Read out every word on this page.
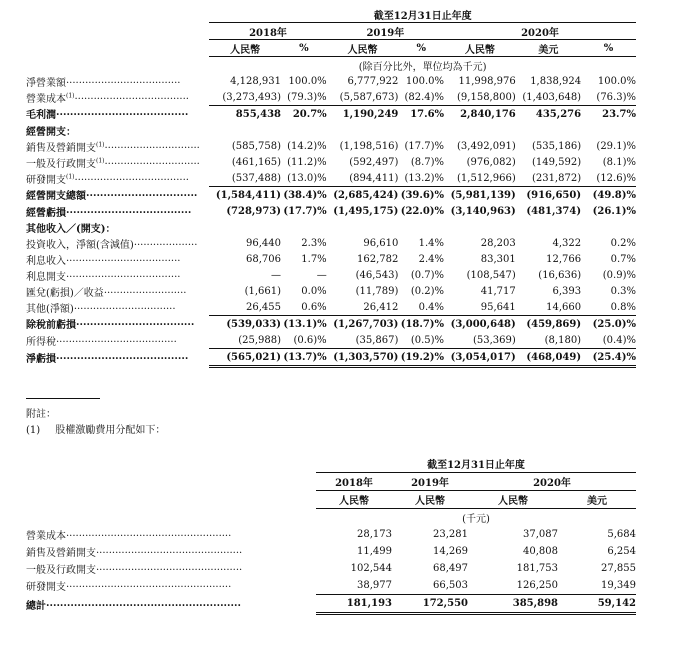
	截至12月31日止年度						
	2018年		2019年		2020年		
	人民幣	%	人民幣	%	人民幣	美元	%
	(除百分比外，單位均為千元)						
淨營業額....................................	4,128,931	100.0%	6,777,922	100.0%	11,998,976	1,838,924	100.0%
營業成本$^{(1)}$....................................	(3,273,493)	(79.3)%	(5,587,673)	(82.4)%	(9,158,800)	(1,403,648)	(76.3)%
毛利潤......................................	855,438	20.7%	1,190,249	17.6%	2,840,176	435,276	23.7%
經營開支：							
銷售及營銷開支$^{(1)}$..............................	(585,758)	(14.2)%	(1,198,516)	(17.7)%	(3,492,091)	(535,186)	(29.1)%
一般及行政開支$^{(1)}$..............................	(461,165)	(11.2)%	(592,497)	(8.7)%	(976,082)	(149,592)	(8.1)%
研發開支$^{(1)}$....................................	(537,488)	(13.0)%	(894,411)	(13.2)%	(1,512,966)	(231,872)	(12.6)%
經營開支總額................................	(1,584,411)	(38.4)%	(2,685,424)	(39.6)%	(5,981,139)	(916,650)	(49.8)%
經營虧損....................................	(728,973)	(17.7)%	(1,495,175)	(22.0)%	(3,140,963)	(481,374)	(26.1)%
其他收入／(開支)：							
投資收入，淨額(含減值)....................	96,440	2.3%	96,610	1.4%	28,203	4,322	0.2%
利息收入....................................	68,706	1.7%	162,782	2.4%	83,301	12,766	0.7%
利息開支....................................	—	—	(46,543)	(0.7)%	(108,547)	(16,636)	(0.9)%
匯兌(虧損)／收益..........................	(1,661)	0.0%	(11,789)	(0.2)%	41,717	6,393	0.3%
其他(淨額)................................	26,455	0.6%	26,412	0.4%	95,641	14,660	0.8%
除稅前虧損..................................	(539,033)	(13.1)%	(1,267,703)	(18.7)%	(3,000,648)	(459,869)	(25.0)%
所得稅......................................	(25,988)	(0.6)%	(35,867)	(0.5)%	(53,369)	(8,180)	(0.4)%
淨虧損......................................	(565,021)	(13.7)%	(1,303,570)	(19.2)%	(3,054,017)	(468,049)	(25.4)%
附註：
(1) 股權激勵費用分配如下：
	截至12月31日止年度			
	2018年	2019年	2020年	
	人民幣	人民幣	人民幣	美元
	(千元)			
營業成本....................................................	28,173	23,281	37,087	5,684
銷售及營銷開支..............................................	11,499	14,269	40,808	6,254
一般及行政開支..............................................	102,544	68,497	181,753	27,855
研發開支....................................................	38,977	66,503	126,250	19,349
總計........................................................	181,193	172,550	385,898	59,142
